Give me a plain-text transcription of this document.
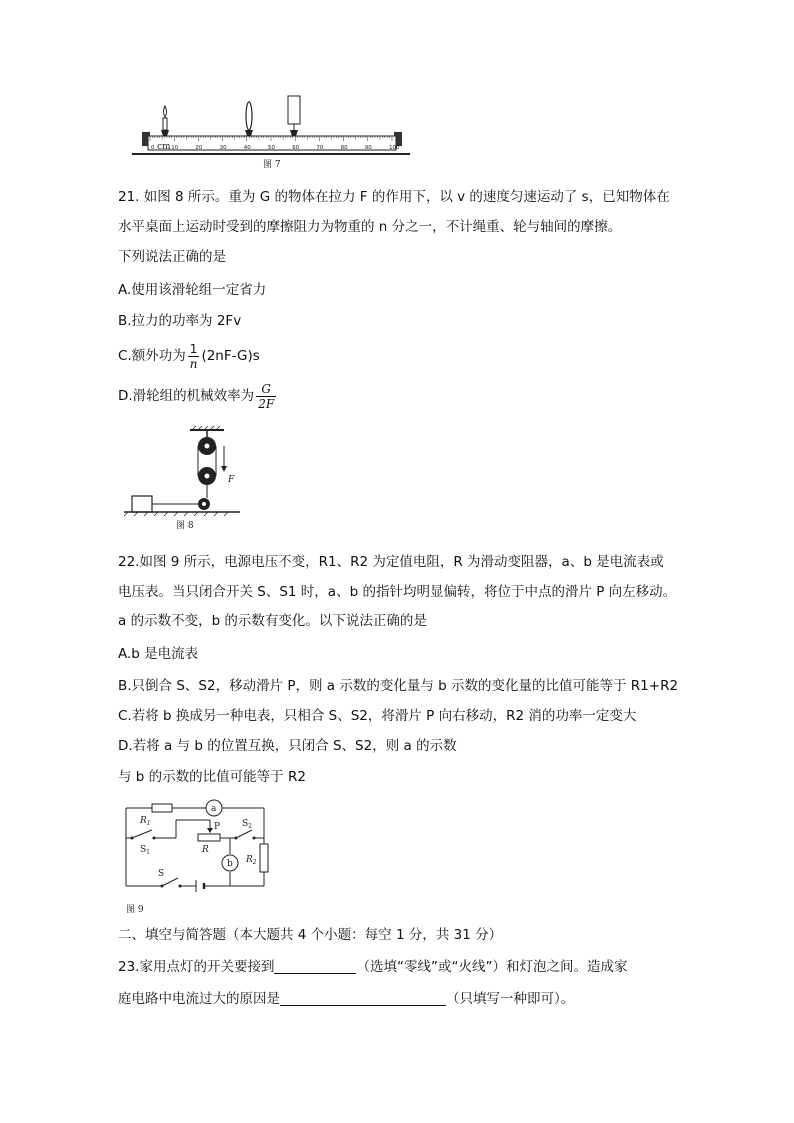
0	10	20	30	40	50	60	70	80	90	100
cm
图 7
21. 如图 8 所示。重为 G 的物体在拉力 F 的作用下，以 v 的速度匀速运动了 s，已知物体在
水平桌面上运动时受到的摩擦阻力为物重的 n 分之一，不计绳重、轮与轴间的摩擦。
下列说法正确的是
A.使用该滑轮组一定省力
B.拉力的功率为 2Fv
C.额外功为 $\frac{1}{n} (2nF-G)s$
D.滑轮组的机械效率为 $\frac{G}{2F}$
F
图 8
22.如图 9 所示，电源电压不变，R1、R2 为定值电阻，R 为滑动变阻器，a、b 是电流表或
电压表。当只闭合开关 S、S1 时，a、b 的指针均明显偏转，将位于中点的滑片 P 向左移动。
a 的示数不变，b 的示数有变化。以下说法正确的是
A.b 是电流表
B.只倒合 S、S2，移动滑片 P，则 a 示数的变化量与 b 示数的变化量的比值可能等于 R1+R2
C.若将 b 换成另一种电表，只相合 S、S2，将滑片 P 向右移动，R2 消的功率一定变大
D.若将 a 与 b 的位置互换，只闭合 S、S2，则 a 的示数
与 b 的示数的比值可能等于 R2
a
P
R
b
$R_1$
$S_1$
$S_2$
$R_2$
S
图 9
二、填空与简答题（本大题共 4 个小题：每空 1 分，共 31 分）
23.家用点灯的开关要接到	（选填“零线”或“火线”）和灯泡之间。造成家
庭电路中电流过大的原因是	（只填写一种即可）。
